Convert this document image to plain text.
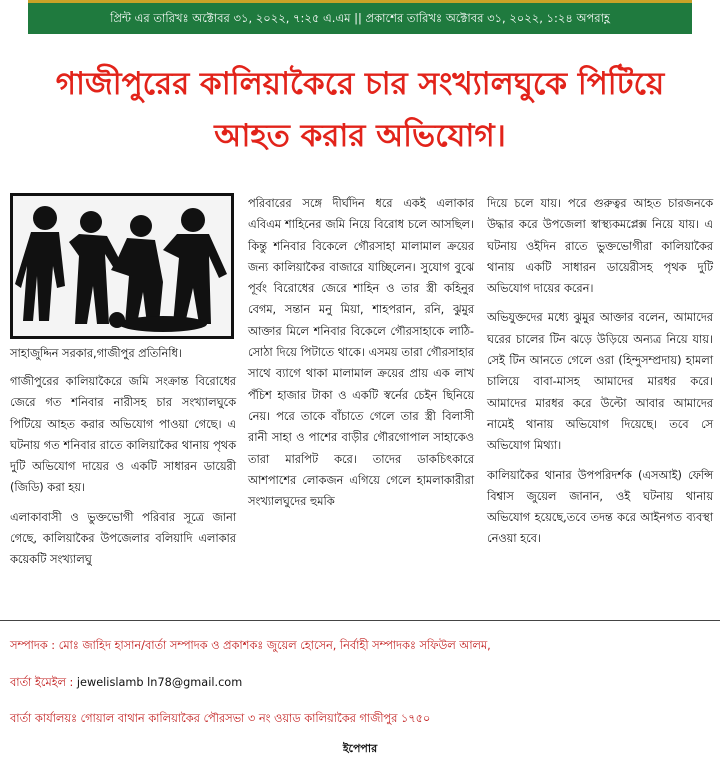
প্রিন্ট এর তারিখঃ অক্টোবর ৩১, ২০২২, ৭:২৫ এ.এম || প্রকাশের তারিখঃ অক্টোবর ৩১, ২০২২, ১:২৪ অপরাহ্ণ
গাজীপুরের কালিয়াকৈরে চার সংখ্যালঘুকে পিটিয়ে
আহত করার অভিযোগ।

সাহাজুদ্দিন সরকার,গাজীপুর প্রতিনিধি।

গাজীপুরের কালিয়াকৈরে জমি সংক্রান্ত বিরোধের জেরে গত শনিবার নারীসহ চার সংখ্যালঘুকে পিটিয়ে আহত করার অভিযোগ পাওয়া গেছে। এ ঘটনায় গত শনিবার রাতে কালিয়াকৈর থানায় পৃথক দুটি অভিযোগ দায়ের ও একটি সাধারন ডায়েরী (জিডি) করা হয়।

এলাকাবাসী ও ভুক্তভোগী পরিবার সূত্রে জানা গেছে, কালিয়াকৈর উপজেলার বলিয়াদি এলাকার কয়েকটি সংখ্যালঘু

পরিবারের সঙ্গে দীর্ঘদিন ধরে একই এলাকার এবিএম শাহিনের জমি নিয়ে বিরোধ চলে আসছিল। কিন্তু শনিবার বিকেলে গৌরসাহা মালামাল ক্রয়ের জন্য কালিয়াকৈর বাজারে যাচ্ছিলেন। সুযোগ বুঝে পূর্বং বিরোধের জেরে শাহিন ও তার স্ত্রী কহিনুর বেগম, সন্তান মনু মিয়া, শাহপরান, রনি, ঝুমুর আক্তার মিলে শনিবার বিকেলে গৌরসাহাকে লাঠি-সোঠা দিয়ে পিটাতে থাকে। এসময় তারা গৌরসাহার সাথে ব্যাগে থাকা মালামাল ক্রয়ের প্রায় এক লাখ পঁচিশ হাজার টাকা ও একটি স্বর্নের চেইন ছিনিয়ে নেয়। পরে তাকে বাঁচাতে গেলে তার স্ত্রী বিলাসী রানী সাহা ও পাশের বাড়ীর গৌরগোপাল সাহাকেও তারা মারপিট করে। তাদের ডাকচিৎকারে আশপাশের লোকজন এগিয়ে গেলে হামলাকারীরা সংখ্যালঘুদের হুমকি

দিয়ে চলে যায়। পরে গুরুত্বর আহত চারজনকে উদ্ধার করে উপজেলা স্বাস্থ্যকমপ্লেক্স নিয়ে যায়। এ ঘটনায় ওইদিন রাতে ভুক্তভোগীরা কালিয়াকৈর থানায় একটি সাধারন ডায়েরীসহ পৃথক দুটি অভিযোগ দায়ের করেন।

অভিযুক্তদের মধ্যে ঝুমুর আক্তার বলেন, আমাদের ঘরের চালের টিন ঝড়ে উড়িয়ে অন্যত্র নিয়ে যায়। সেই টিন আনতে গেলে ওরা (হিন্দুসম্প্রদায়) হামলা চালিয়ে বাবা-মাসহ আমাদের মারধর করে। আমাদের মারধর করে উল্টো আবার আমাদের নামেই থানায় অভিযোগ দিয়েছে। তবে সে অভিযোগ মিথ্যা।

কালিয়াকৈর থানার উপপরিদর্শক (এসআই) ফেন্সি বিশ্বাস জুয়েল জানান, ওই ঘটনায় থানায় অভিযোগ হয়েছে,তবে তদন্ত করে আইনগত ব্যবস্থা নেওয়া হবে।

সম্পাদক : মোঃ জাহিদ হাসান/বার্তা সম্পাদক ও প্রকাশকঃ জুয়েল হোসেন, নির্বাহী সম্পাদকঃ সফিউল আলম,
বার্তা ইমেইল : jewelislamb ln78@gmail.com
বার্তা কার্যালয়ঃ গোয়াল বাথান কালিয়াকৈর পৌরসভা ৩ নং ওয়াড কালিয়াকৈর গাজীপুর ১৭৫০
ইপেপার
